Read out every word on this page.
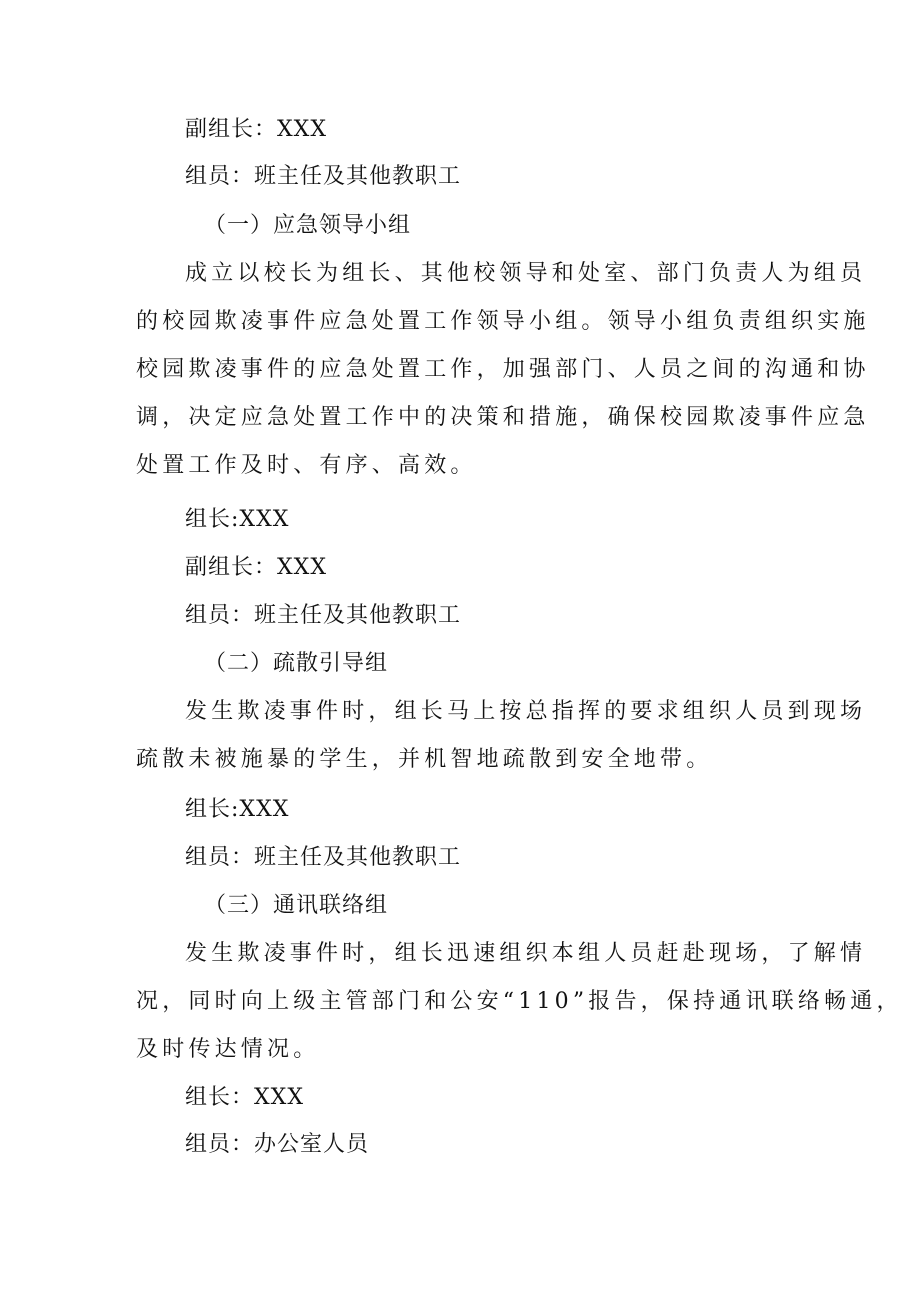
副组长：XXX
组员：班主任及其他教职工
（一）应急领导小组
成立以校长为组长、其他校领导和处室、部门负责人为组员
的校园欺凌事件应急处置工作领导小组。领导小组负责组织实施
校园欺凌事件的应急处置工作，加强部门、人员之间的沟通和协
调，决定应急处置工作中的决策和措施，确保校园欺凌事件应急
处置工作及时、有序、高效。
组长:XXX
副组长：XXX
组员：班主任及其他教职工
（二）疏散引导组
发生欺凌事件时，组长马上按总指挥的要求组织人员到现场
疏散未被施暴的学生，并机智地疏散到安全地带。
组长:XXX
组员：班主任及其他教职工
（三）通讯联络组
发生欺凌事件时，组长迅速组织本组人员赶赴现场，了解情
况，同时向上级主管部门和公安“110”报告，保持通讯联络畅通，
及时传达情况。
组长：XXX
组员：办公室人员
